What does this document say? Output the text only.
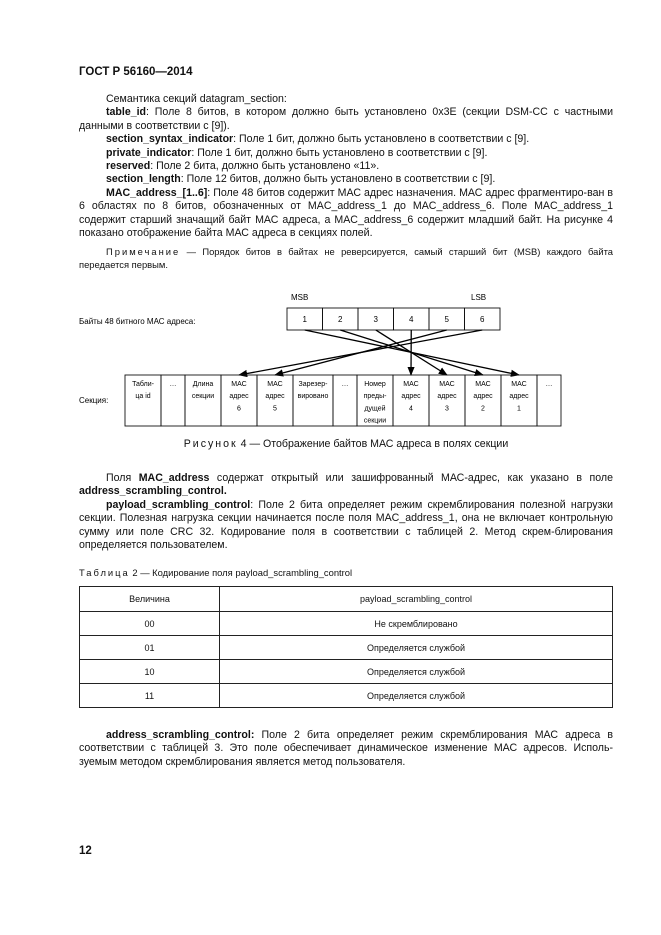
ГОСТ Р 56160—2014

Семантика секций datagram_section:

table_id: Поле 8 битов, в котором должно быть установлено 0x3E (секции DSM-CC с частными данными в соответствии с [9]).

section_syntax_indicator: Поле 1 бит, должно быть установлено в соответствии с [9].

private_indicator: Поле 1 бит, должно быть установлено в соответствии с [9].

reserved: Поле 2 бита, должно быть установлено «11».

section_length: Поле 12 битов, должно быть установлено в соответствии с [9].

MAC_address_[1..6]: Поле 48 битов содержит МАС адрес назначения. МАС адрес фрагментиро-ван в 6 областях по 8 битов, обозначенных от MAC_address_1 до MAC_address_6. Поле MAC_address_1 содержит старший значащий байт МАС адреса, а MAC_address_6 содержит младший байт. На рисунке 4 показано отображение байта МАС адреса в секциях полей.

Примечание — Порядок битов в байтах не реверсируется, самый старший бит (MSB) каждого байта передается первым.

MSB	LSB
Байты 48 битного МАС адреса:	1	2	3	4	5	6
Секция:
Табли-ца id
… Длина секции
МАС адрес 6
МАС адрес 5
Зарезер-вировано
… Номер преды-дущей секции
МАС адрес 4
МАС адрес 3
МАС адрес 2
МАС адрес 1
…
Рисунок 4 — Отображение байтов МАС адреса в полях секции

Поля MAC_address содержат открытый или зашифрованный МАС-адрес, как указано в поле address_scrambling_control.

payload_scrambling_control: Поле 2 бита определяет режим скремблирования полезной нагрузки секции. Полезная нагрузка секции начинается после поля MAC_address_1, она не включает контрольную сумму или поле CRC 32. Кодирование поля в соответствии с таблицей 2. Метод скрем-блирования определяется пользователем.

Таблица 2 — Кодирование поля payload_scrambling_control
Величина	payload_scrambling_control
00	Не скремблировано
01	Определяется службой
10	Определяется службой
11	Определяется службой

address_scrambling_control: Поле 2 бита определяет режим скремблирования МАС адреса в соответствии с таблицей 3. Это поле обеспечивает динамическое изменение МАС адресов. Исполь-зуемым методом скремблирования является метод пользователя.

12
